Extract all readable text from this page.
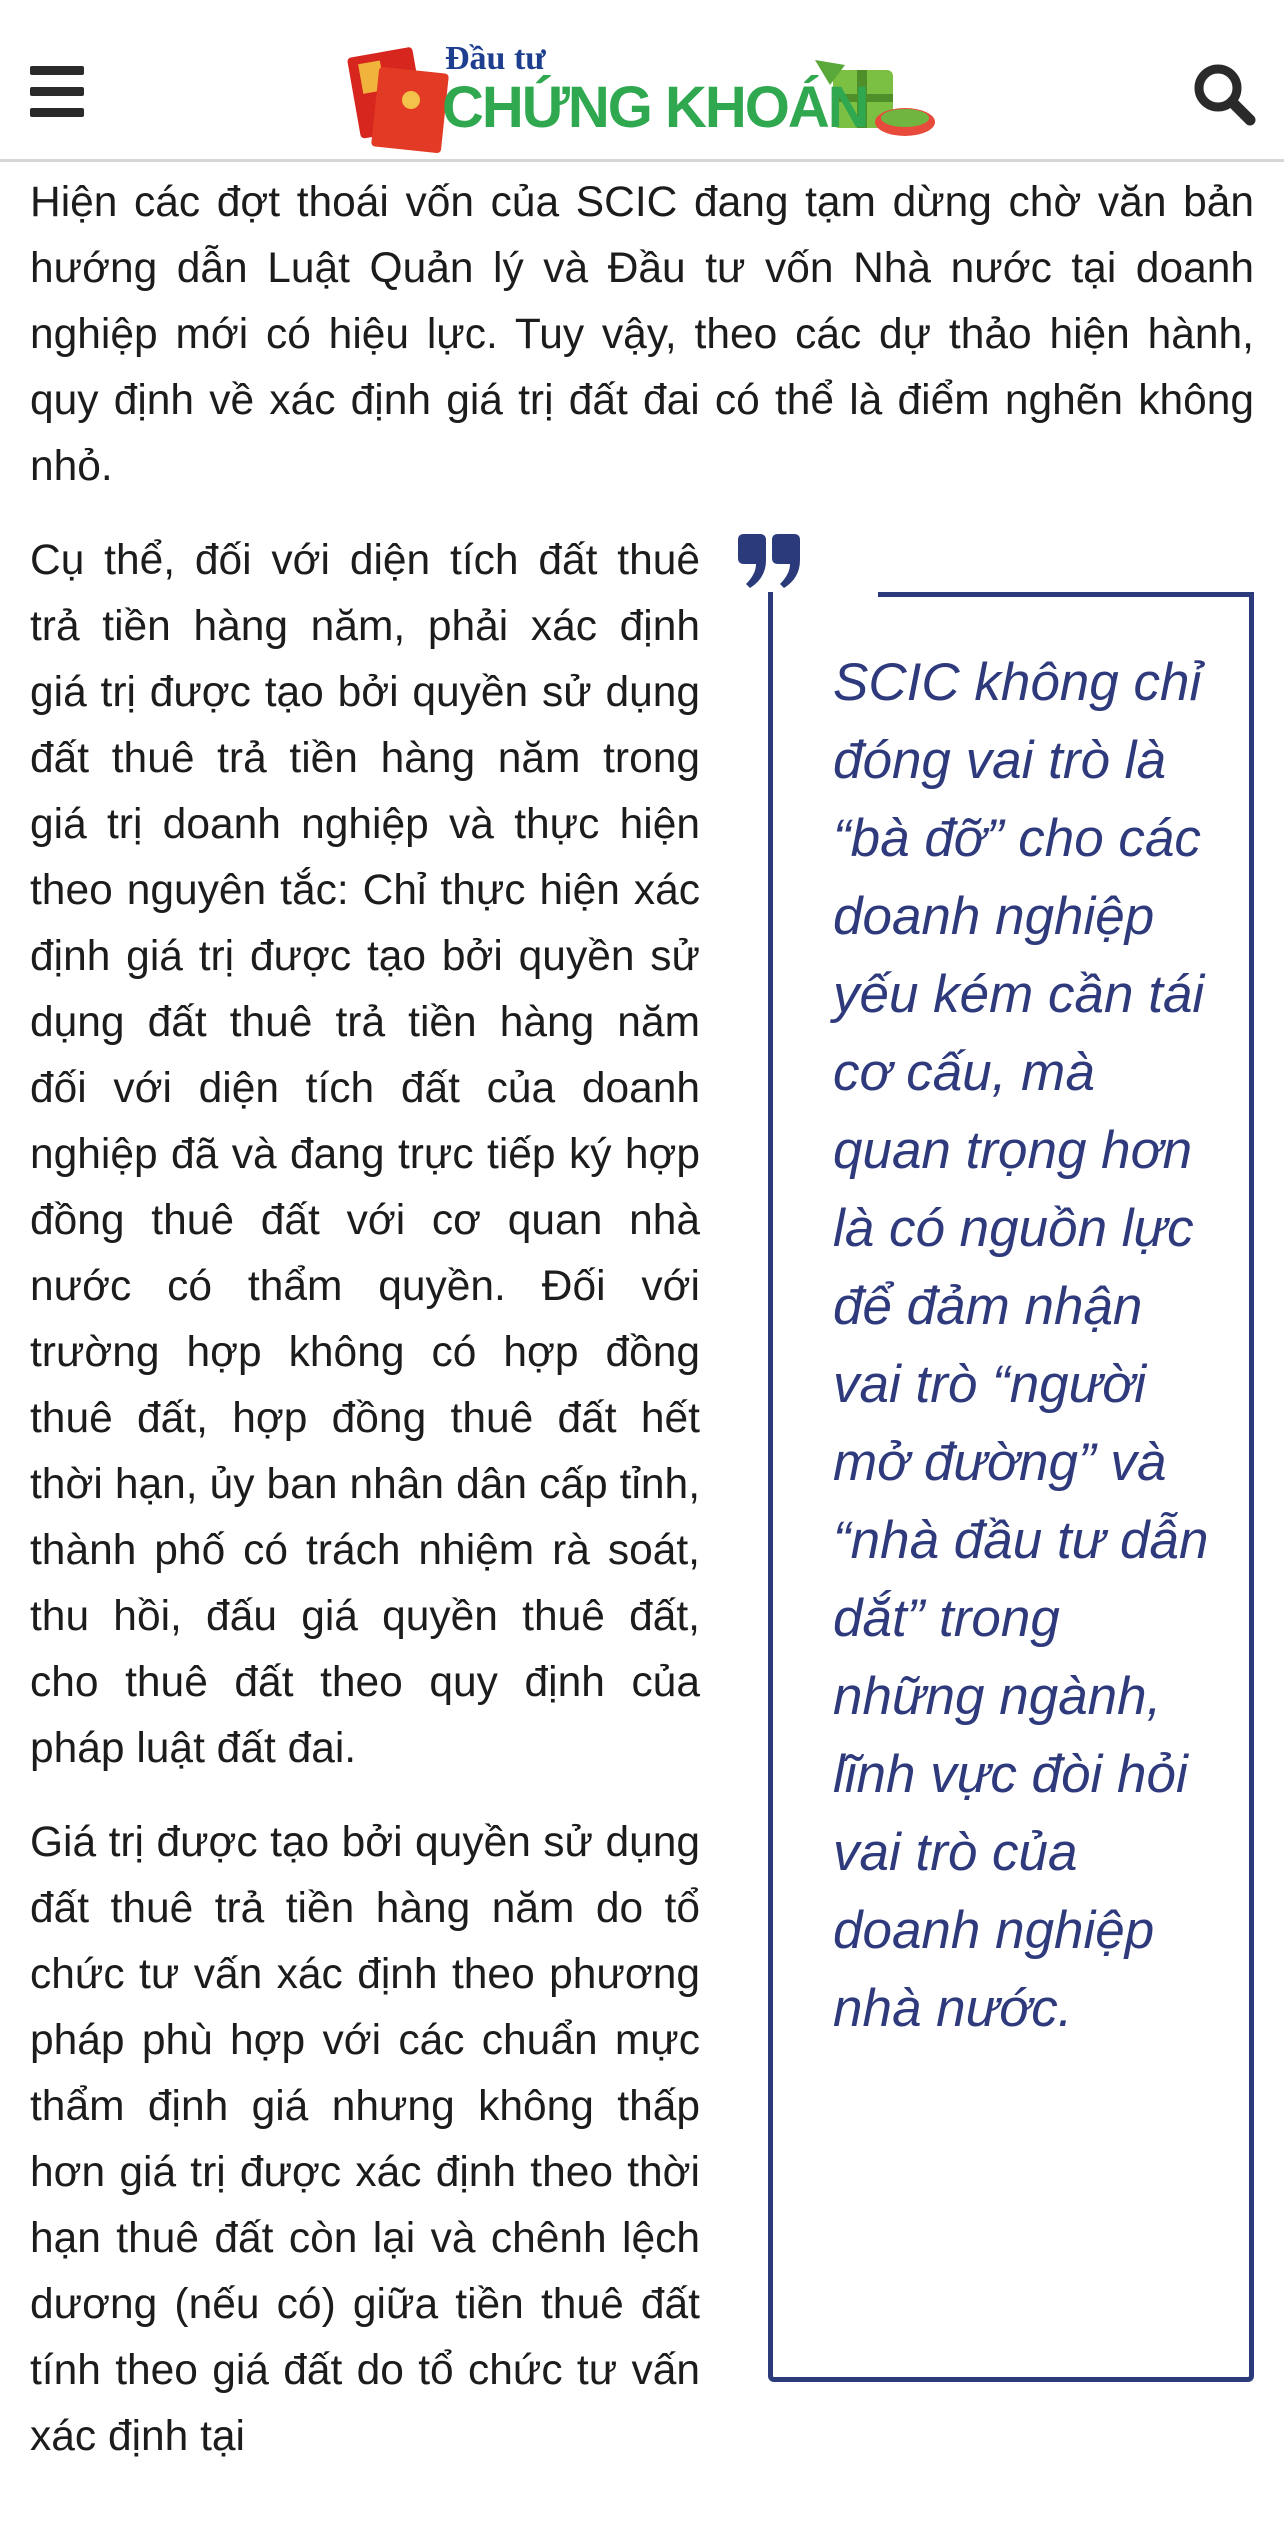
Đầu tư
CHỨNG KHOÁN

Hiện các đợt thoái vốn của SCIC đang tạm dừng chờ văn bản hướng dẫn Luật Quản lý và Đầu tư vốn Nhà nước tại doanh nghiệp mới có hiệu lực. Tuy vậy, theo các dự thảo hiện hành, quy định về xác định giá trị đất đai có thể là điểm nghẽn không nhỏ.

SCIC không chỉ đóng vai trò là “bà đỡ” cho các doanh nghiệp yếu kém cần tái cơ cấu, mà quan trọng hơn là có nguồn lực để đảm nhận vai trò “người mở đường” và “nhà đầu tư dẫn dắt” trong những ngành, lĩnh vực đòi hỏi vai trò của doanh nghiệp nhà nước.

Cụ thể, đối với diện tích đất thuê trả tiền hàng năm, phải xác định giá trị được tạo bởi quyền sử dụng đất thuê trả tiền hàng năm trong giá trị doanh nghiệp và thực hiện theo nguyên tắc: Chỉ thực hiện xác định giá trị được tạo bởi quyền sử dụng đất thuê trả tiền hàng năm đối với diện tích đất của doanh nghiệp đã và đang trực tiếp ký hợp đồng thuê đất với cơ quan nhà nước có thẩm quyền. Đối với trường hợp không có hợp đồng thuê đất, hợp đồng thuê đất hết thời hạn, ủy ban nhân dân cấp tỉnh, thành phố có trách nhiệm rà soát, thu hồi, đấu giá quyền thuê đất, cho thuê đất theo quy định của pháp luật đất đai.

Giá trị được tạo bởi quyền sử dụng đất thuê trả tiền hàng năm do tổ chức tư vấn xác định theo phương pháp phù hợp với các chuẩn mực thẩm định giá nhưng không thấp hơn giá trị được xác định theo thời hạn thuê đất còn lại và chênh lệch dương (nếu có) giữa tiền thuê đất tính theo giá đất do tổ chức tư vấn xác định tại
